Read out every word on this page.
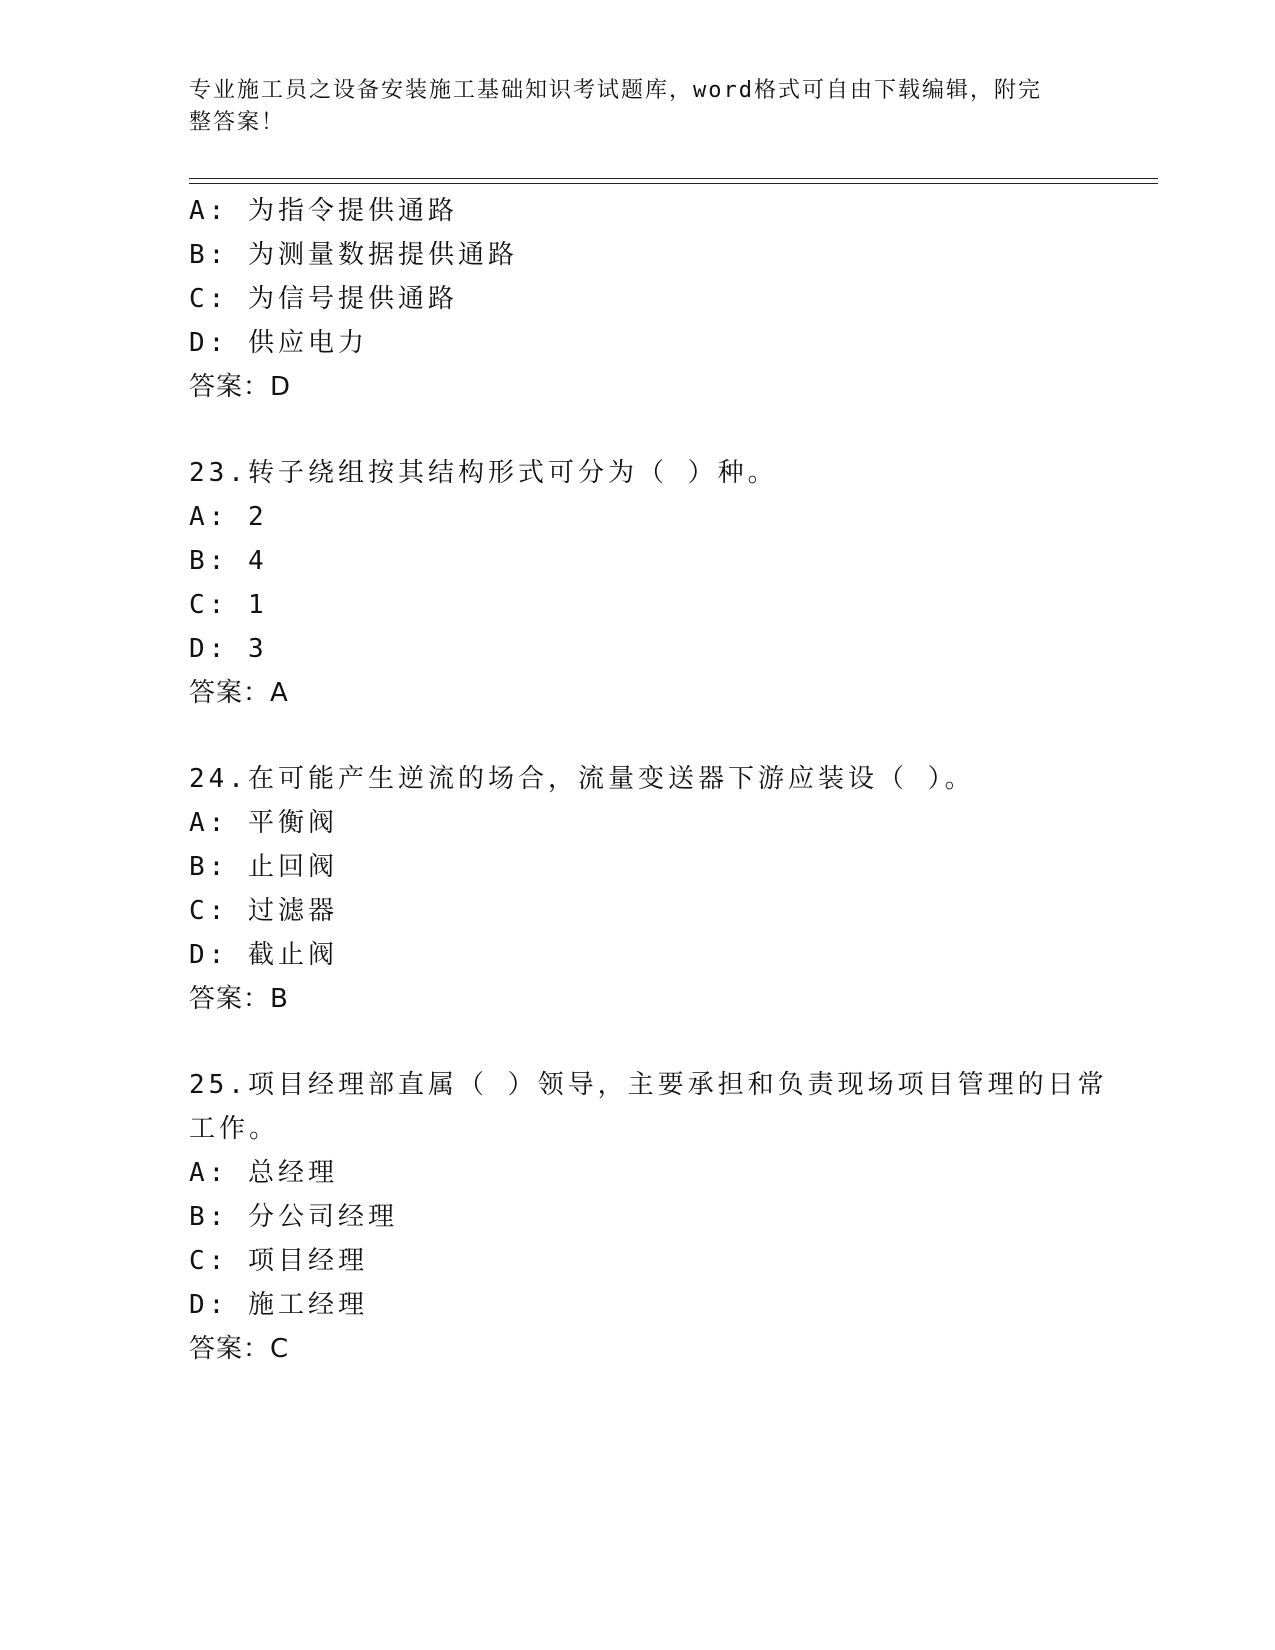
专业施工员之设备安装施工基础知识考试题库，word格式可自由下载编辑，附完
整答案！
A: 为指令提供通路
B: 为测量数据提供通路
C: 为信号提供通路
D: 供应电力
答案：D
23.转子绕组按其结构形式可分为（ ）种。
A: 2
B: 4
C: 1
D: 3
答案：A
24.在可能产生逆流的场合，流量变送器下游应装设（ ）。
A: 平衡阀
B: 止回阀
C: 过滤器
D: 截止阀
答案：B
25.项目经理部直属（ ）领导，主要承担和负责现场项目管理的日常
工作。
A: 总经理
B: 分公司经理
C: 项目经理
D: 施工经理
答案：C
